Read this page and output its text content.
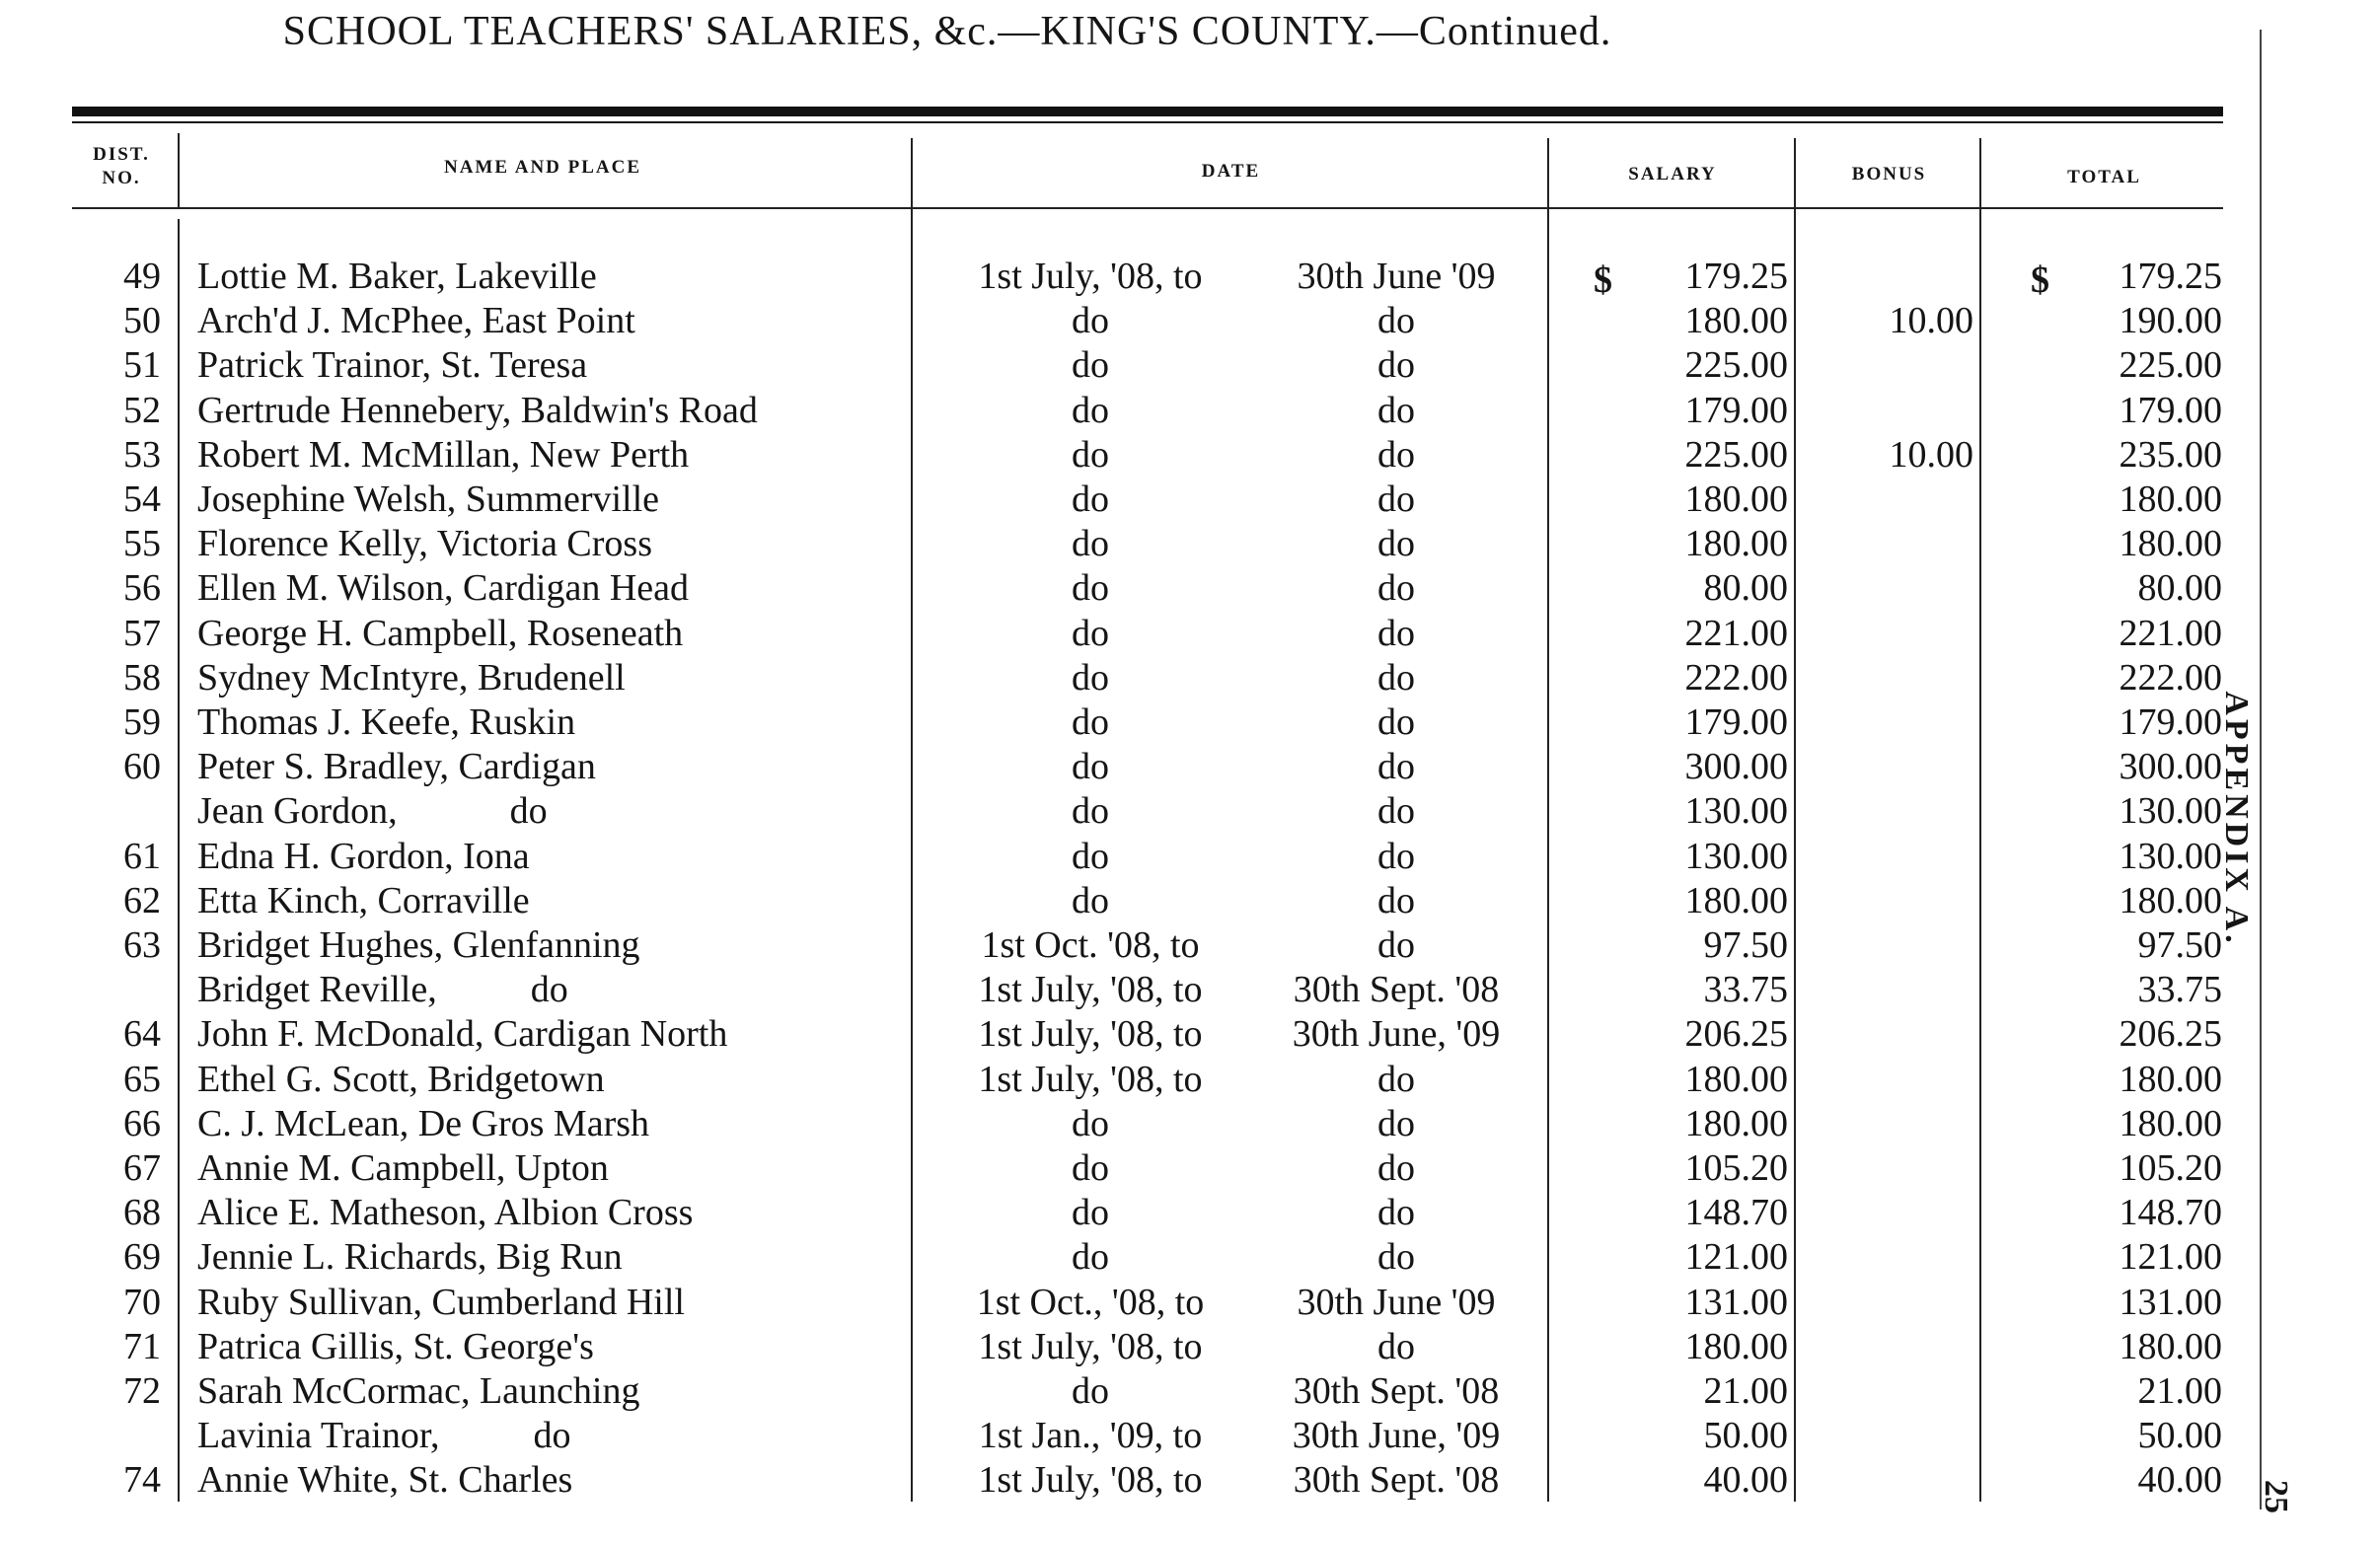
SCHOOL TEACHERS' SALARIES, &c.—KING'S COUNTY.—Continued.
DIST. NO.
NAME AND PLACE	DATE	SALARY	BONUS	TOTAL
$	$
49 Lottie M. Baker, Lakeville	1st July, '08, to	30th June '09	179.25	179.25
50 Arch'd J. McPhee, East Point	do	do	180.00	10.00	190.00
51 Patrick Trainor, St. Teresa	do	do	225.00	225.00
52 Gertrude Hennebery, Baldwin's Road	do	do	179.00	179.00
53 Robert M. McMillan, New Perth	do	do	225.00	10.00	235.00
54 Josephine Welsh, Summerville	do	do	180.00	180.00
55 Florence Kelly, Victoria Cross	do	do	180.00	180.00
56 Ellen M. Wilson, Cardigan Head	do	do	80.00	80.00
57 George H. Campbell, Roseneath	do	do	221.00	221.00
58 Sydney McIntyre, Brudenell	do	do	222.00	222.00
59 Thomas J. Keefe, Ruskin	do	do	179.00	179.00
60 Peter S. Bradley, Cardigan	do	do	300.00	300.00
Jean Gordon,            do	do	do	130.00	130.00
61 Edna H. Gordon, Iona	do	do	130.00	130.00
62 Etta Kinch, Corraville	do	do	180.00	180.00
63 Bridget Hughes, Glenfanning	1st Oct. '08, to	do	97.50	97.50
Bridget Reville,          do	1st July, '08, to	30th Sept. '08	33.75	33.75
64 John F. McDonald, Cardigan North	1st July, '08, to	30th June, '09	206.25	206.25
65 Ethel G. Scott, Bridgetown	1st July, '08, to	do	180.00	180.00
66 C. J. McLean, De Gros Marsh	do	do	180.00	180.00
67 Annie M. Campbell, Upton	do	do	105.20	105.20
68 Alice E. Matheson, Albion Cross	do	do	148.70	148.70
69 Jennie L. Richards, Big Run	do	do	121.00	121.00
70 Ruby Sullivan, Cumberland Hill	1st Oct., '08, to	30th June '09	131.00	131.00
71 Patrica Gillis, St. George's	1st July, '08, to	do	180.00	180.00
72 Sarah McCormac, Launching	do	30th Sept. '08	21.00	21.00
Lavinia Trainor,          do	1st Jan., '09, to	30th June, '09	50.00	50.00
74 Annie White, St. Charles	1st July, '08, to	30th Sept. '08	40.00	40.00
APPENDIX A.
25
